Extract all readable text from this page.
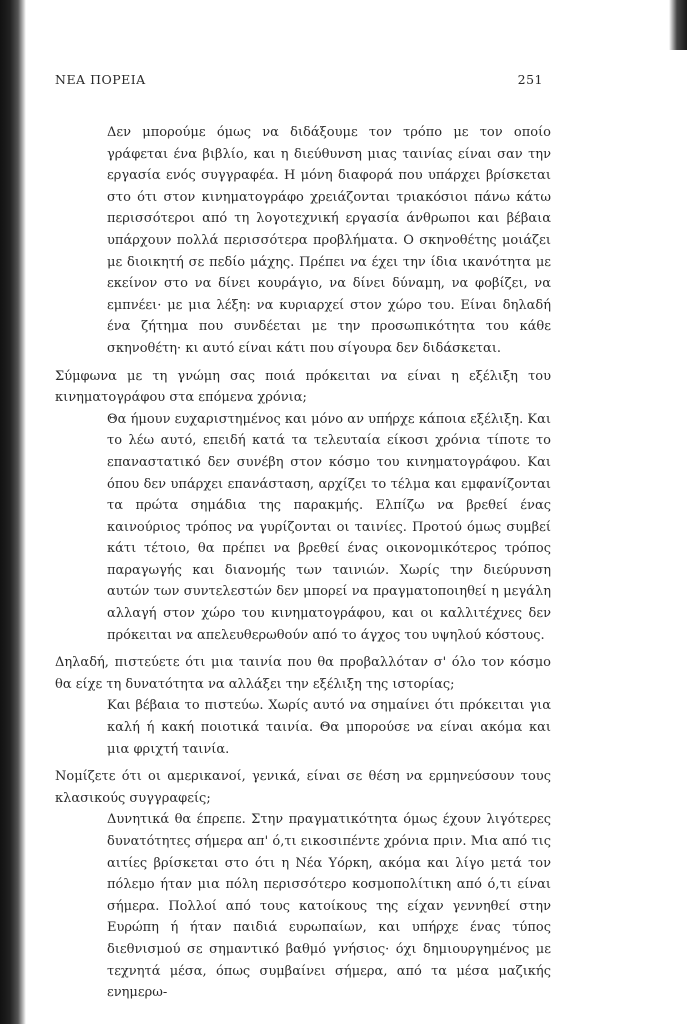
ΝΕΑ ΠΟΡΕΙΑ	251

Δεν μπορούμε όμως να διδάξουμε τον τρόπο με τον οποίο γράφεται ένα βιβλίο, και η διεύθυνση μιας ταινίας είναι σαν την εργασία ενός συγγραφέα. Η μόνη διαφορά που υπάρχει βρίσκεται στο ότι στον κινηματογράφο χρειάζονται τριακόσιοι πάνω κάτω περισσότεροι από τη λογοτεχνική εργασία άνθρωποι και βέβαια υπάρχουν πολλά περισσότερα προβλήματα. Ο σκηνοθέτης μοιάζει με διοικητή σε πεδίο μάχης. Πρέπει να έχει την ίδια ικανότητα με εκείνον στο να δίνει κουράγιο, να δίνει δύναμη, να φοβίζει, να εμπνέει· με μια λέξη: να κυριαρχεί στον χώρο του. Είναι δηλαδή ένα ζήτημα που συνδέεται με την προσωπικότητα του κάθε σκηνοθέτη· κι αυτό είναι κάτι που σίγουρα δεν διδάσκεται.

Σύμφωνα με τη γνώμη σας ποιά πρόκειται να είναι η εξέλιξη του κινηματογράφου στα επόμενα χρόνια;

Θα ήμουν ευχαριστημένος και μόνο αν υπήρχε κάποια εξέλιξη. Και το λέω αυτό, επειδή κατά τα τελευταία είκοσι χρόνια τίποτε το επαναστατικό δεν συνέβη στον κόσμο του κινηματογράφου. Και όπου δεν υπάρχει επανάσταση, αρχίζει το τέλμα και εμφανίζονται τα πρώτα σημάδια της παρακμής. Ελπίζω να βρεθεί ένας καινούριος τρόπος να γυρίζονται οι ταινίες. Προτού όμως συμβεί κάτι τέτοιο, θα πρέπει να βρεθεί ένας οικονομικότερος τρόπος παραγωγής και διανομής των ταινιών. Χωρίς την διεύρυνση αυτών των συντελεστών δεν μπορεί να πραγματοποιηθεί η μεγάλη αλλαγή στον χώρο του κινηματογράφου, και οι καλλιτέχνες δεν πρόκειται να απελευθερωθούν από το άγχος του υψηλού κόστους.

Δηλαδή, πιστεύετε ότι μια ταινία που θα προβαλλόταν σ' όλο τον κόσμο θα είχε τη δυνατότητα να αλλάξει την εξέλιξη της ιστορίας;

Και βέβαια το πιστεύω. Χωρίς αυτό να σημαίνει ότι πρόκειται για καλή ή κακή ποιοτικά ταινία. Θα μπορούσε να είναι ακόμα και μια φριχτή ταινία.

Νομίζετε ότι οι αμερικανοί, γενικά, είναι σε θέση να ερμηνεύσουν τους κλασικούς συγγραφείς;

Δυνητικά θα έπρεπε. Στην πραγματικότητα όμως έχουν λιγότερες δυνατότητες σήμερα απ' ό,τι εικοσιπέντε χρόνια πριν. Μια από τις αιτίες βρίσκεται στο ότι η Νέα Υόρκη, ακόμα και λίγο μετά τον πόλεμο ήταν μια πόλη περισσότερο κοσμοπολίτικη από ό,τι είναι σήμερα. Πολλοί από τους κατοίκους της είχαν γεννηθεί στην Ευρώπη ή ήταν παιδιά ευρωπαίων, και υπήρχε ένας τύπος διεθνισμού σε σημαντικό βαθμό γνήσιος· όχι δημιουργημένος με τεχνητά μέσα, όπως συμβαίνει σήμερα, από τα μέσα μαζικής ενημερω-
